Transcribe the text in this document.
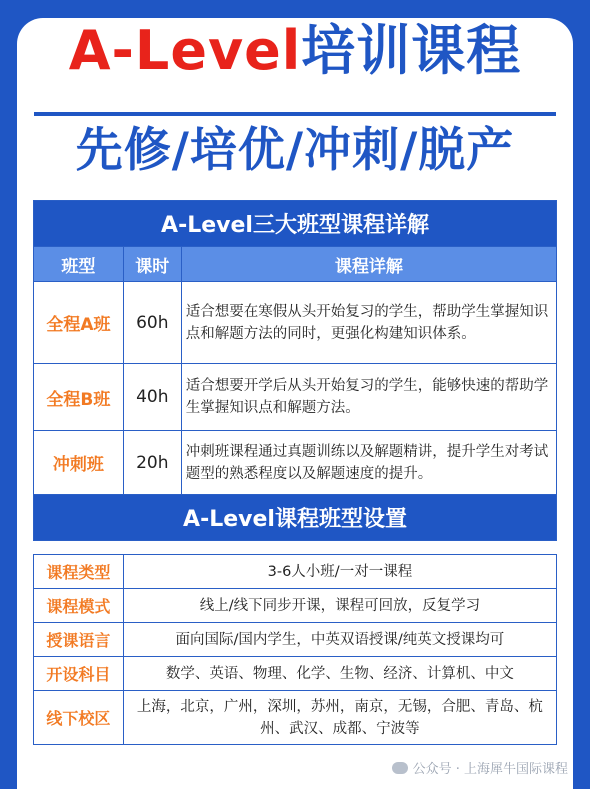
A-Level培训课程
先修/培优/冲刺/脱产
A-Level三大班型课程详解		
班型	课时	课程详解
全程A班	60h	适合想要在寒假从头开始复习的学生，帮助学生掌握知识点和解题方法的同时，更强化构建知识体系。
全程B班	40h	适合想要开学后从头开始复习的学生，能够快速的帮助学生掌握知识点和解题方法。
冲刺班	20h	冲刺班课程通过真题训练以及解题精讲，提升学生对考试题型的熟悉程度以及解题速度的提升。
A-Level课程班型设置		
课程类型	3-6人小班/一对一课程
课程模式	线上/线下同步开课，课程可回放，反复学习
授课语言	面向国际/国内学生，中英双语授课/纯英文授课均可
开设科目	数学、英语、物理、化学、生物、经济、计算机、中文
线下校区	上海，北京，广州，深圳，苏州，南京，无锡，合肥、青岛、杭州、武汉、成都、宁波等
公众号 · 上海犀牛国际课程
